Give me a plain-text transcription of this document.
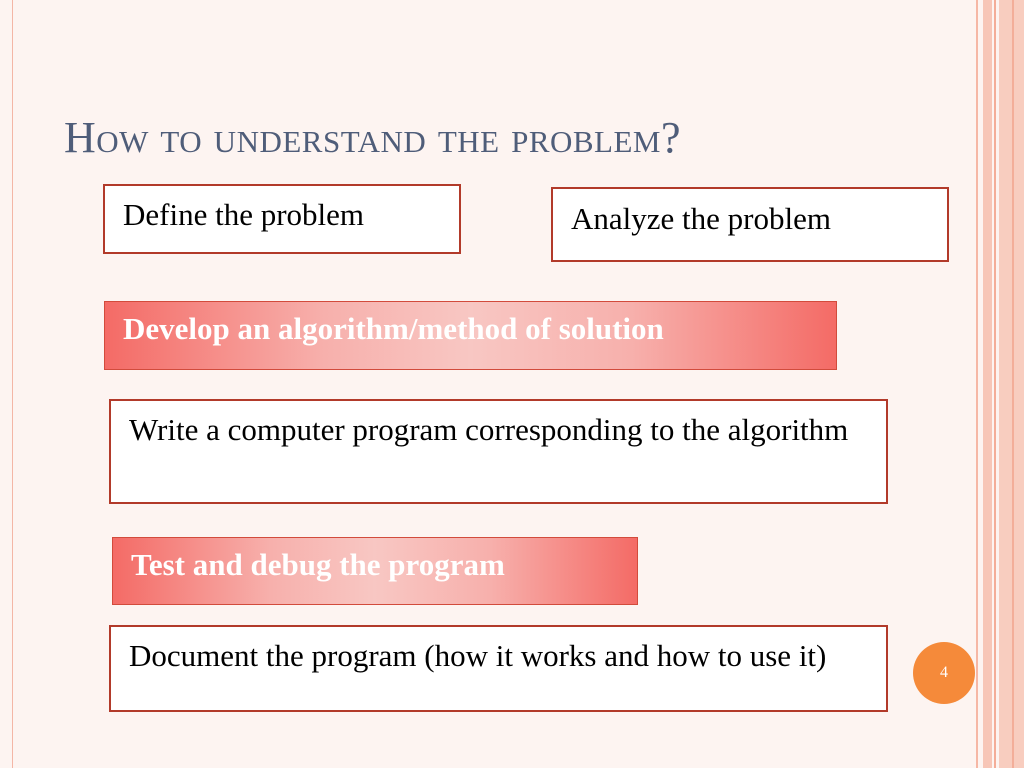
How to understand the problem?
Define the problem	Analyze the problem
Develop an algorithm/method of solution
Write a computer program corresponding to the algorithm
Test and debug the program
Document the program (how it works and how to use it)	4
